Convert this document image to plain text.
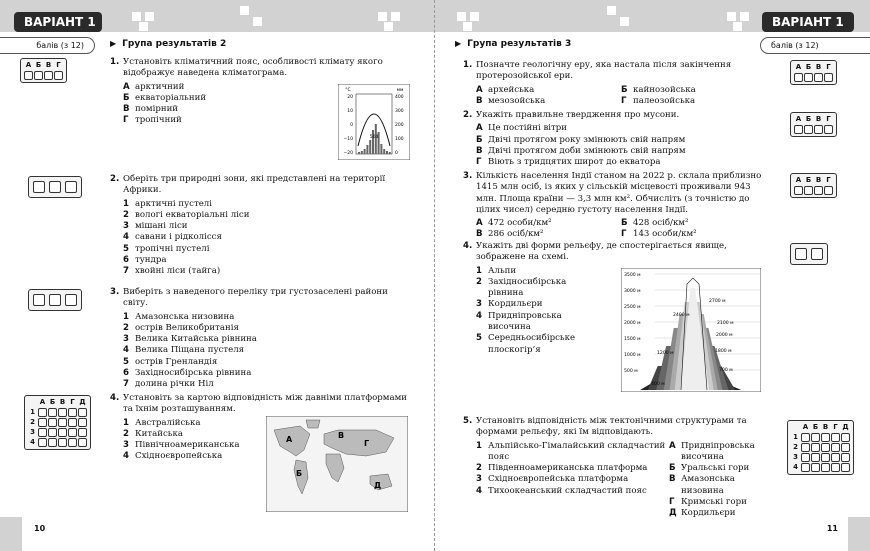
ВАРІАНТ 1
балів (з 12)	▶ Група результатів 2
А Б В Г
А Б В Г Д
1
2
3
4
1. Установіть кліматичний пояс, особливості клімату якого відображує наведена кліматограма.
А арктичний
Б екваторіальний
В помірний
Г тропічний
°C	мм
20
10
0
−10
−20
400
300
200
100
0
504
2. Оберіть три природні зони, які представлені на території Африки.
1 арктичні пустелі
2 вологі екваторіальні ліси
3 мішані ліси
4 савани і рідколісся
5 тропічні пустелі
6 тундра
7 хвойні ліси (тайга)
3. Виберіть з наведеного переліку три густозаселені райони світу.
1 Амазонська низовина
2 острів Великобританія
3 Велика Китайська рівнина
4 Велика Піщана пустеля
5 острів Гренландія
6 Західносибірська рівнина
7 долина річки Ніл
4. Установіть за картою відповідність між давніми платформами та їхнім розташуванням.
1 Австралійська
2 Китайська
3 Північноамериканська
4 Східноєвропейська
А	В
Г
Б
Д
10
ВАРІАНТ 1
балів (з 12)
▶ Група результатів 3
А Б В Г
А Б В Г
А Б В Г
А Б В Г Д
1
2
3
4
1. Позначте геологічну еру, яка настала після закінчення протерозойської ери.
А архейська	Б кайнозойська
В мезозойська	Г палеозойська
2. Укажіть правильне твердження про мусони.
А Це постійні вітри
Б Двічі протягом року змінюють свій напрям
В Двічі протягом доби змінюють свій напрям
Г Віють з тридцятих широт до екватора
3. Кількість населення Індії станом на 2022 р. склала приблизно 1415 млн осіб, із яких у сільській місцевості проживали 943 млн. Площа країни — 3,3 млн км². Обчисліть (з точністю до цілих чисел) середню густоту населення Індії.
А 472 особи/км²	Б 428 осіб/км²
В 286 осіб/км²	Г 143 особи/км²
4. Укажіть дві форми рельєфу, де спостерігається явище, зображене на схемі.
1 Альпи
2 Західносибірська рівнина
3 Кордильєри
4 Придніпровська височина
5 Середньосибірське плоскогір’я
3500 м
3000 м
2500 м
2000 м
1500 м
1000 м
500 м
2700 м
2400 м
2100 м
2000 м
1800 м
1200 м
700 м
400 м
5. Установіть відповідність між тектонічними структурами та формами рельєфу, які їм відповідають.
1 Альпійсько-Гімалайський складчастий пояс
2 Південноамериканська платформа
3 Східноєвропейська платформа
4 Тихоокеанський складчастий пояс
А Придніпровська височина
Б Уральські гори
В Амазонська низовина
Г Кримські гори
Д Кордильєри
11
